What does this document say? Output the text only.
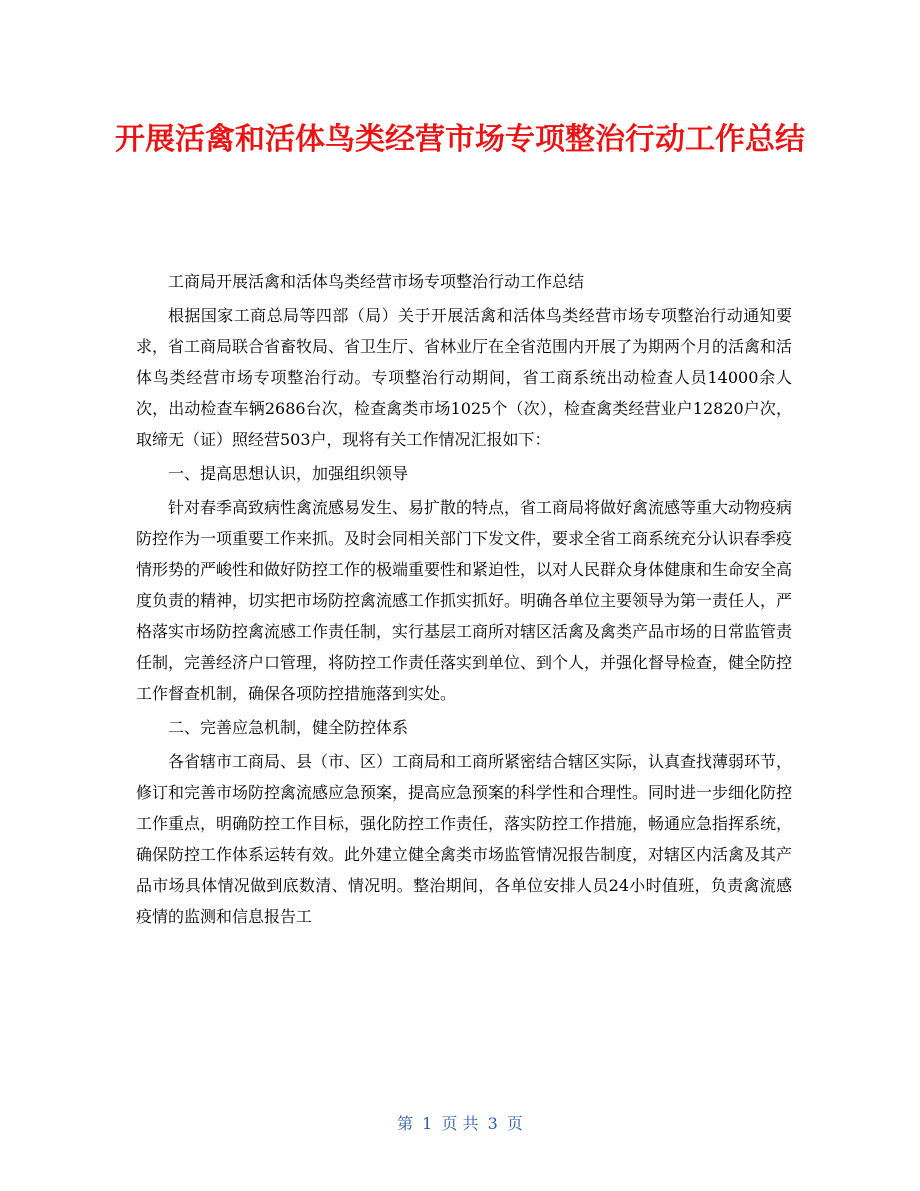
开展活禽和活体鸟类经营市场专项整治行动工作总结

工商局开展活禽和活体鸟类经营市场专项整治行动工作总结

根据国家工商总局等四部（局）关于开展活禽和活体鸟类经营市场专项整治行动通知要求，省工商局联合省畜牧局、省卫生厅、省林业厅在全省范围内开展了为期两个月的活禽和活体鸟类经营市场专项整治行动。专项整治行动期间，省工商系统出动检查人员14000余人次，出动检查车辆2686台次，检查禽类市场1025个（次），检查禽类经营业户12820户次，取缔无（证）照经营503户，现将有关工作情况汇报如下：

一、提高思想认识，加强组织领导

针对春季高致病性禽流感易发生、易扩散的特点，省工商局将做好禽流感等重大动物疫病防控作为一项重要工作来抓。及时会同相关部门下发文件，要求全省工商系统充分认识春季疫情形势的严峻性和做好防控工作的极端重要性和紧迫性，以对人民群众身体健康和生命安全高度负责的精神，切实把市场防控禽流感工作抓实抓好。明确各单位主要领导为第一责任人，严格落实市场防控禽流感工作责任制，实行基层工商所对辖区活禽及禽类产品市场的日常监管责任制，完善经济户口管理，将防控工作责任落实到单位、到个人，并强化督导检查，健全防控工作督查机制，确保各项防控措施落到实处。

二、完善应急机制，健全防控体系

各省辖市工商局、县（市、区）工商局和工商所紧密结合辖区实际，认真查找薄弱环节，修订和完善市场防控禽流感应急预案，提高应急预案的科学性和合理性。同时进一步细化防控工作重点，明确防控工作目标，强化防控工作责任，落实防控工作措施，畅通应急指挥系统，确保防控工作体系运转有效。此外建立健全禽类市场监管情况报告制度，对辖区内活禽及其产品市场具体情况做到底数清、情况明。整治期间，各单位安排人员24小时值班，负责禽流感疫情的监测和信息报告工

第 1 页 共 3 页
